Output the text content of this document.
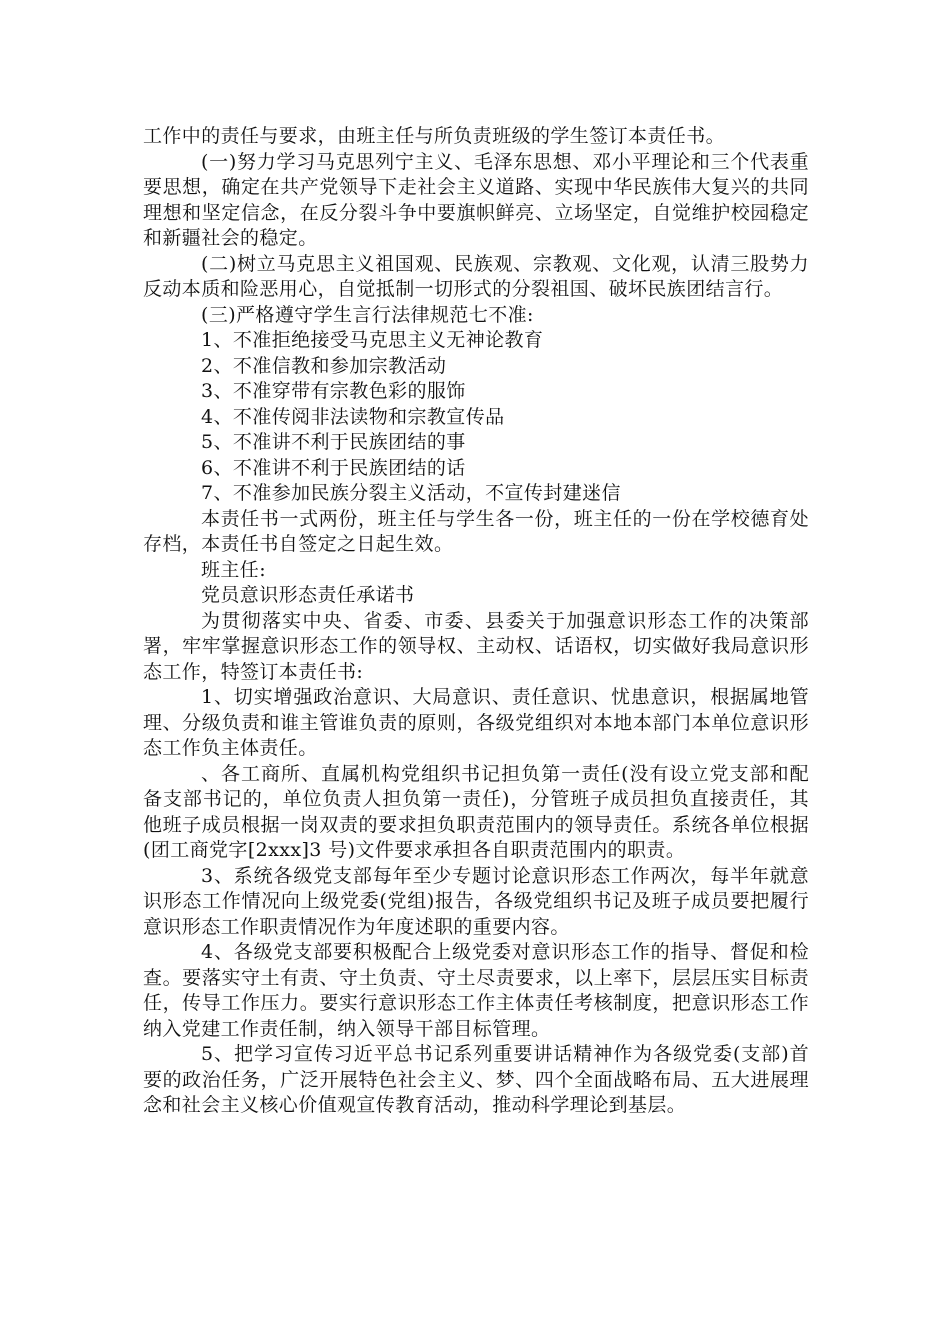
工作中的责任与要求，由班主任与所负责班级的学生签订本责任书。

(一)努力学习马克思列宁主义、毛泽东思想、邓小平理论和三个代表重要思想，确定在共产党领导下走社会主义道路、实现中华民族伟大复兴的共同理想和坚定信念，在反分裂斗争中要旗帜鲜亮、立场坚定，自觉维护校园稳定和新疆社会的稳定。

(二)树立马克思主义祖国观、民族观、宗教观、文化观，认清三股势力反动本质和险恶用心，自觉抵制一切形式的分裂祖国、破坏民族团结言行。

(三)严格遵守学生言行法律规范七不准:

1、不准拒绝接受马克思主义无神论教育

2、不准信教和参加宗教活动

3、不准穿带有宗教色彩的服饰

4、不准传阅非法读物和宗教宣传品

5、不准讲不利于民族团结的事

6、不准讲不利于民族团结的话

7、不准参加民族分裂主义活动，不宣传封建迷信

本责任书一式两份，班主任与学生各一份，班主任的一份在学校德育处存档，本责任书自签定之日起生效。

班主任:

党员意识形态责任承诺书

为贯彻落实中央、省委、市委、县委关于加强意识形态工作的决策部署，牢牢掌握意识形态工作的领导权、主动权、话语权，切实做好我局意识形态工作，特签订本责任书:

1、切实增强政治意识、大局意识、责任意识、忧患意识，根据属地管理、分级负责和谁主管谁负责的原则，各级党组织对本地本部门本单位意识形态工作负主体责任。

、各工商所、直属机构党组织书记担负第一责任(没有设立党支部和配备支部书记的，单位负责人担负第一责任)，分管班子成员担负直接责任，其他班子成员根据一岗双责的要求担负职责范围内的领导责任。系统各单位根据(团工商党字[2xxx]3 号)文件要求承担各自职责范围内的职责。

3、系统各级党支部每年至少专题讨论意识形态工作两次，每半年就意识形态工作情况向上级党委(党组)报告，各级党组织书记及班子成员要把履行意识形态工作职责情况作为年度述职的重要内容。

4、各级党支部要积极配合上级党委对意识形态工作的指导、督促和检查。要落实守土有责、守土负责、守土尽责要求，以上率下，层层压实目标责任，传导工作压力。要实行意识形态工作主体责任考核制度，把意识形态工作纳入党建工作责任制，纳入领导干部目标管理。

5、把学习宣传习近平总书记系列重要讲话精神作为各级党委(支部)首要的政治任务，广泛开展特色社会主义、梦、四个全面战略布局、五大进展理念和社会主义核心价值观宣传教育活动，推动科学理论到基层。
